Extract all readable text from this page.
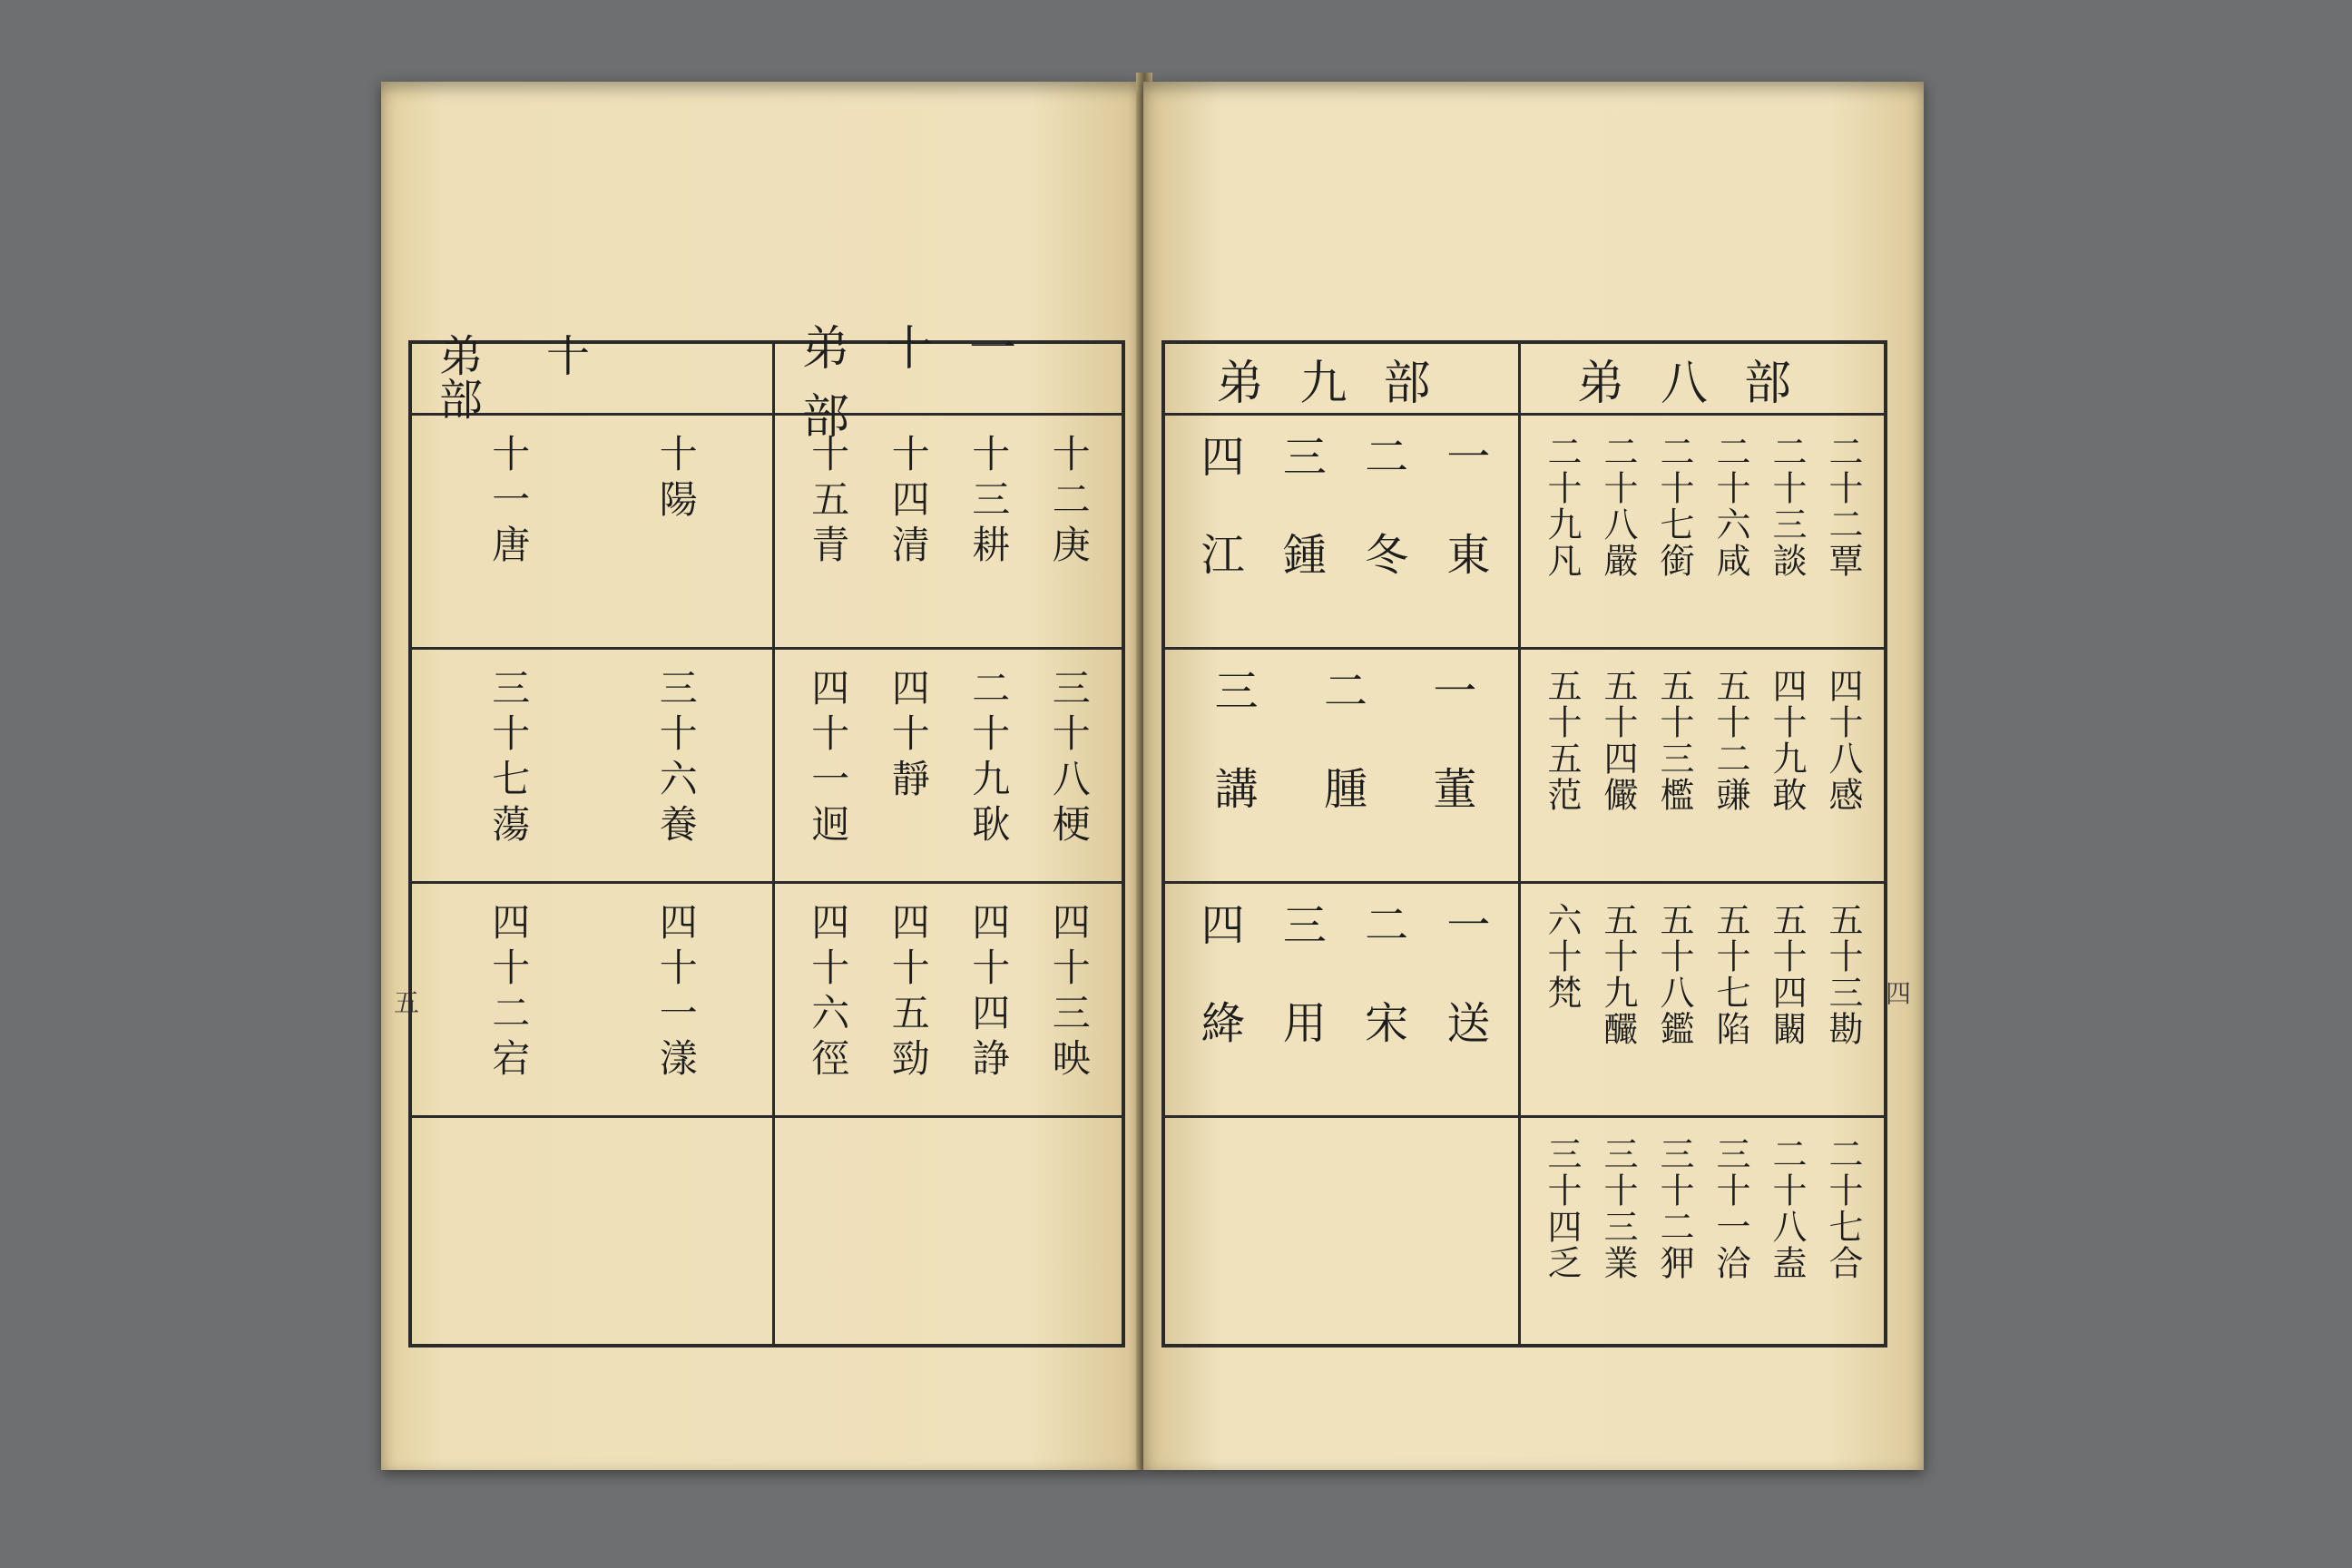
五
弟十部
十陽
十一唐
三十六養
三十七蕩
四十一漾
四十二宕
弟十一部
十二庚
十三耕
十四清
十五青
三十八梗
二十九耿
四十靜
四十一迥
四十三映
四十四諍
四十五勁
四十六徑	四
弟九部
一東
二冬
三鍾
四江
一董
二腫
三講
一送
二宋
三用
四絳
弟八部
二十二覃
二十三談
二十六咸
二十七銜
二十八嚴
二十九凡
四十八感
四十九敢
五十二豏
五十三檻
五十四儼
五十五范
五十三勘
五十四闞
五十七陷
五十八鑑
五十九釅
六十梵
二十七合
二十八盍
三十一洽
三十二狎
三十三業
三十四乏
